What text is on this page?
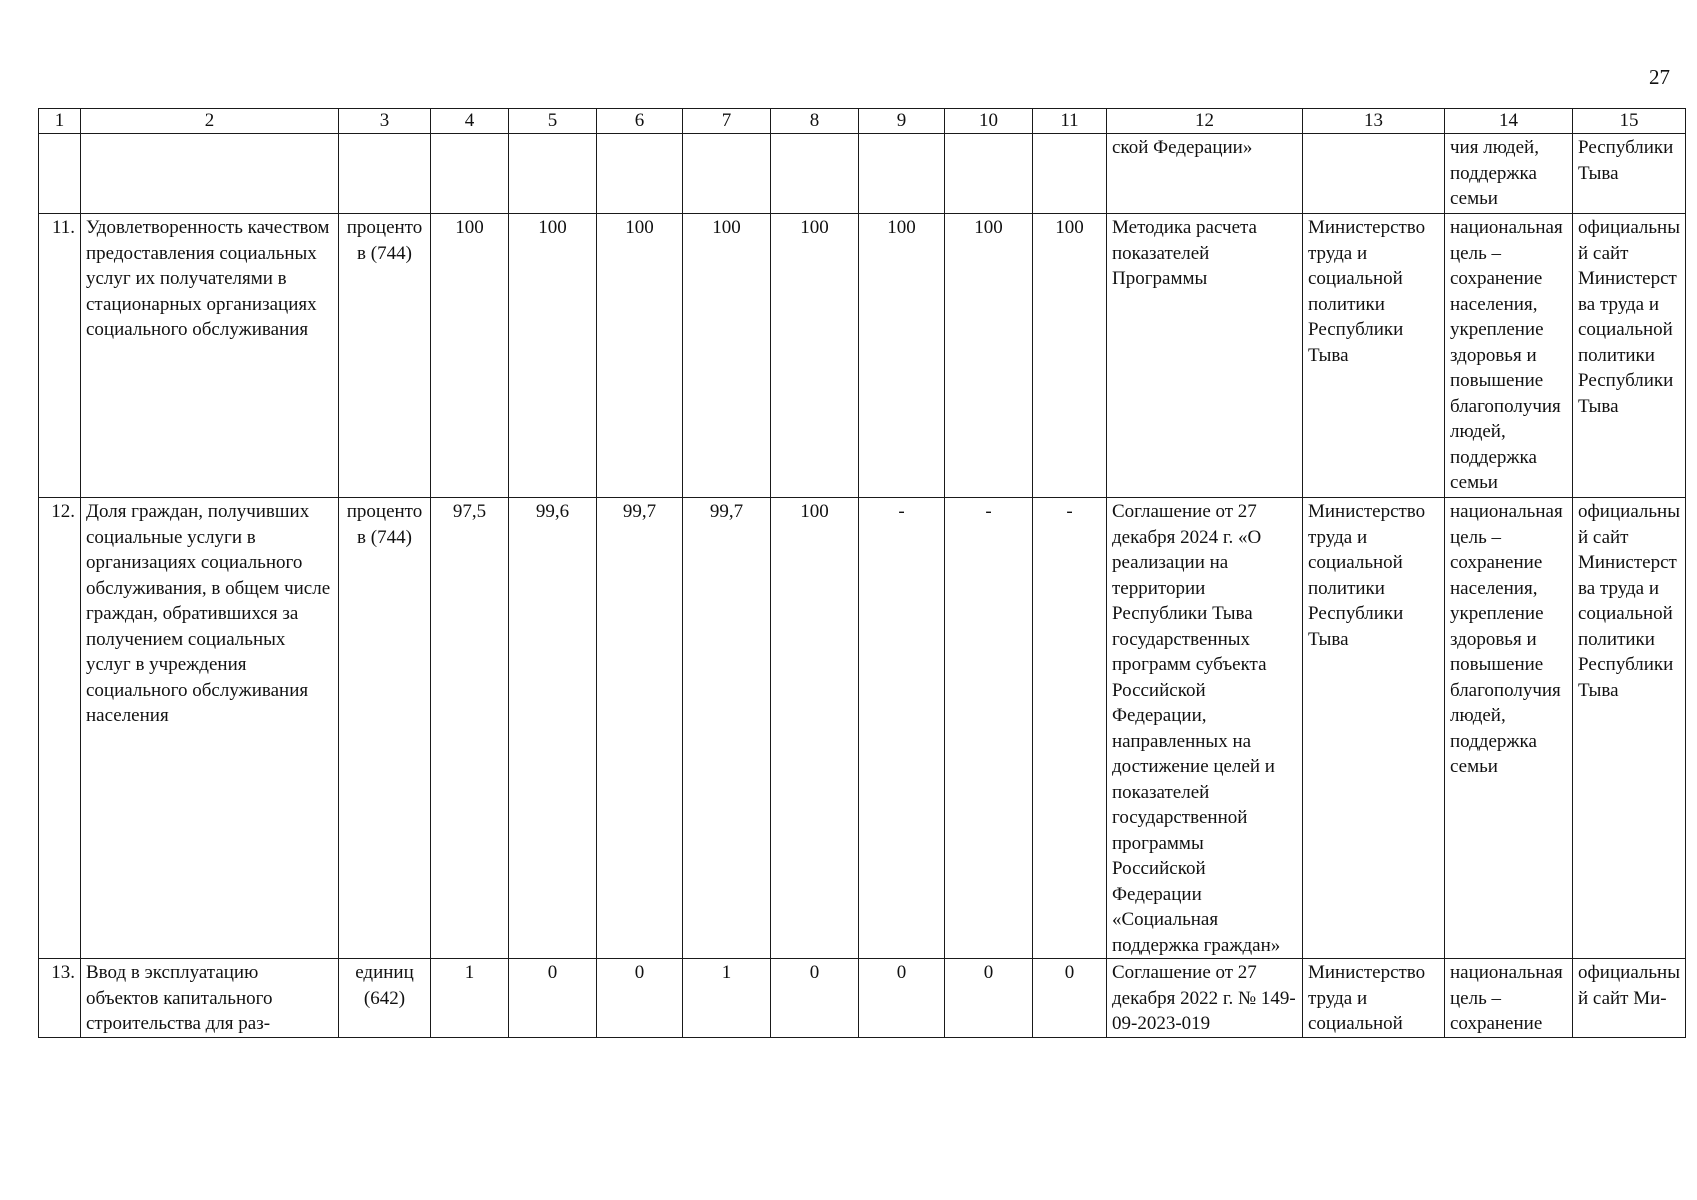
27
1	2	3	4	5	6	7	8	9	10	11	12	13	14	15
											ской Федерации»		чия людей, поддержка семьи	Республики Тыва
11.	Удовлетворенность качеством предоставления социальных услуг их получателями в стационарных организациях социального обслуживания	процентов (744)	100	100	100	100	100	100	100	100	Методика расчета показателей Программы	Министерство труда и социальной политики Республики Тыва	национальная цель – сохранение населения, укрепление здоровья и повышение благополучия людей, поддержка семьи	официальный сайт Министерства труда и социальной политики Республики Тыва
12.	Доля граждан, получивших социальные услуги в организациях социального обслуживания, в общем числе граждан, обратившихся за получением социальных услуг в учреждения социального обслуживания населения	процентов (744)	97,5	99,6	99,7	99,7	100	-	-	-	Соглашение от 27 декабря 2024 г. «О реализации на территории Республики Тыва государственных программ субъекта Российской Федерации, направленных на достижение целей и показателей государственной программы Российской Федерации «Социальная поддержка граждан»	Министерство труда и социальной политики Республики Тыва	национальная цель – сохранение населения, укрепление здоровья и повышение благополучия людей, поддержка семьи	официальный сайт Министерства труда и социальной политики Республики Тыва
13.	Ввод в эксплуатацию объектов капитального строительства для раз-	единиц (642)	1	0	0	1	0	0	0	0	Соглашение от 27 декабря 2022 г. № 149-09-2023-019	Министерство труда и социальной	национальная цель – сохранение	официальный сайт Ми-
